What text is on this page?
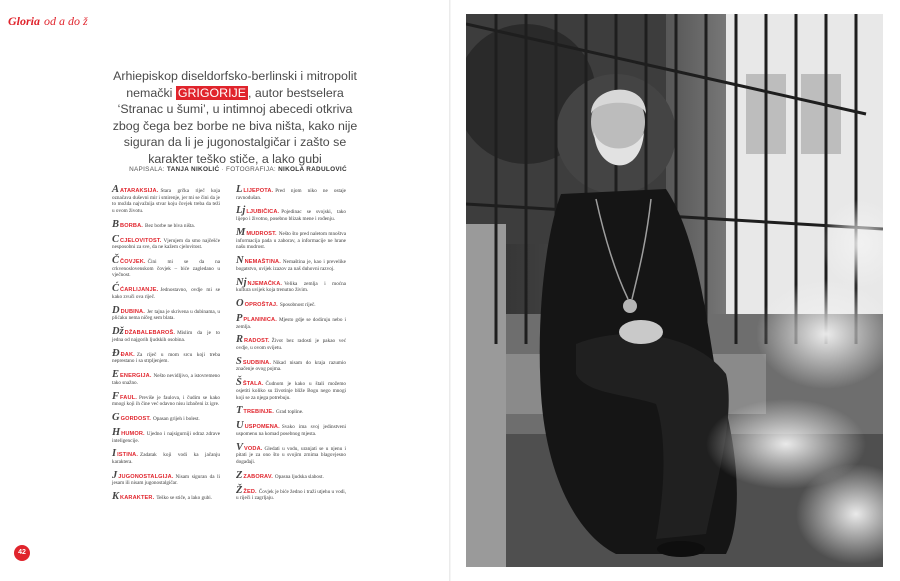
Gloria od a do ž
Arhiepiskop diseldorfsko-berlinski i mitropolit nemački GRIGORIJE , autor bestselera ‘Stranac u šumi’, u intimnoj abecedi otkriva zbog čega bez borbe ne biva ništa, kako nije siguran da li je jugonostalgičar i zašto se karakter teško stiče, a lako gubi
NAPISALA: TANJA NIKOLIĆ · FOTOGRAFIJA: NIKOLA RADULOVIĆ

AATARAKSIJA. Stara grčka riječ koja označava duševni mir i smirenje, jer mi se čini da je to možda najvažnija stvar koju čovjek treba da teži u ovom životu.

BBORBA. Bez borbe ne biva ništa.

CCJELOVITOST. Vjerujem da smo najčešće nesposobni za sve, da ne kažem cjelovitost.

ČČOVJEK. Čini mi se da na crkvenoslovenskom čovjek – biće zagledano u vječnost.

ĆĆARLIJANJE. Jednostavno, ovdje mi se kako zvuči ova riječ.

DDUBINA. Jer tajna je skrivena u dubinama, u plićaku nema ničeg sem blata.

DžDŽABALEBAROŠ. Mislim da je to jedna od najgorih ljudskih osobina.

ĐĐAK. Za riječ u mom srcu koji treba neprestano i sa strpljenjem.

EENERGIJA. Nešto nevidljivo, a istovremeno tako snažno.

FFAUL. Previše je faulova, i čudim se kako mnogi koji ih čine već odavno nisu izbačeni iz igre.

GGORDOST. Opasan grijeh i bolest.

HHUMOR. Ujedno i najsigurniji odraz zdrave inteligencije.

IISTINA. Zadatak koji vodi ka jačanju karaktera.

JJUGONOSTALGIJA. Nisam siguran da li jesam ili nisam jugonostalgičar.

KKARAKTER. Teško se stiče, a lako gubi.

LLIJEPOTA. Pred njom niko ne ostaje ravnodušan.

LjLJUBIČICA. Pojedinac se svojski, tako lijepo i životno, posebno blizak mene i rođenju.

MMUDROST. Nešto što pred naletom mnoštva informacija pada u zaborav, a informacije ne hrane našu mudrost.

NNEMAŠTINA. Nemaština je, kao i prevelike bogatstvo, uvijek izazov za naš duhovni razvoj.

NjNJEMAČKA. Velika zemlja i moćna kultura uvijek koja trenutno živim.

OOPROŠTAJ. Sposobnost riječ.

PPLANINICA. Mjesto gdje se dodiruju nebo i zemlja.

RRADOST. Život bez radosti je pakao već ovdje, u ovom svijetu.

SSUDBINA. Nikad nisam do kraja razumio značenje ovog pojma.

ŠŠTALA. Čudnom je kako u štali možemo osjetiti koliko su životinje bliže Bogu nego mnogi koji se za njega potrebuju.

TTREBINJE. Grad topline.

UUSPOMENA. Svako ima svoj jedinstveni uspomenu na komad posebnog mjesta.

VVODA. Gledati u vodu, uranjati se u njenu i pitati je za ono što u svojim zrnima blagovjesno događaji.

ZZABORAV. Opasna ljudska slabost.

ŽŽED. Čovjek je biće žedno i traži utjehu u vodi, u riječi i zagrljaju.

42
